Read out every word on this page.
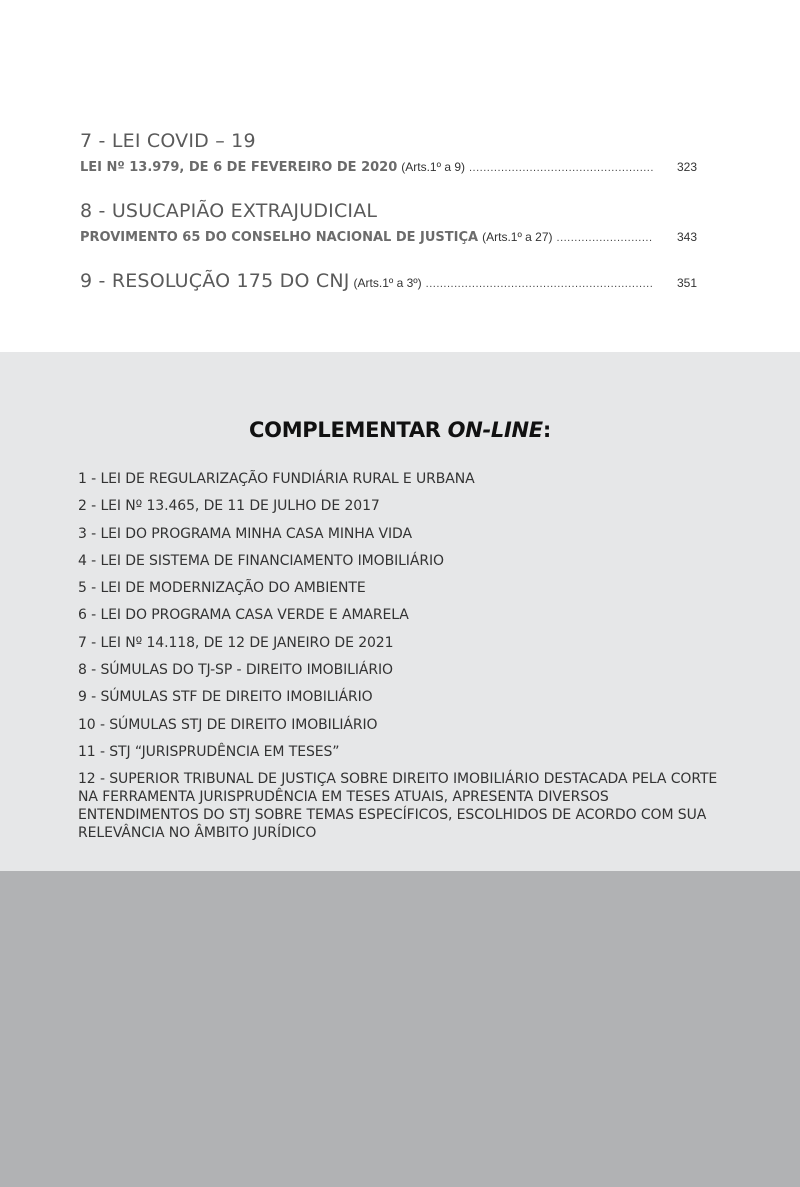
7 - LEI COVID – 19
LEI Nº 13.979, DE 6 DE FEVEREIRO DE 2020 (Arts.1º a 9) .....	323
8 - USUCAPIÃO EXTRAJUDICIAL
PROVIMENTO 65 DO CONSELHO NACIONAL DE JUSTIÇA (Arts.1º a 27) .....	343
9 - RESOLUÇÃO 175 DO CNJ (Arts.1º a 3º) .....	351
COMPLEMENTAR ON-LINE:
1 - LEI DE REGULARIZAÇÃO FUNDIÁRIA RURAL E URBANA
2 - LEI Nº 13.465, DE 11 DE JULHO DE 2017
3 - LEI DO PROGRAMA MINHA CASA MINHA VIDA
4 - LEI DE SISTEMA DE FINANCIAMENTO IMOBILIÁRIO
5 - LEI DE MODERNIZAÇÃO DO AMBIENTE
6 - LEI DO PROGRAMA CASA VERDE E AMARELA
7 - LEI Nº 14.118, DE 12 DE JANEIRO DE 2021
8 - SÚMULAS DO TJ-SP - DIREITO IMOBILIÁRIO
9 - SÚMULAS STF DE DIREITO IMOBILIÁRIO
10 - SÚMULAS STJ DE DIREITO IMOBILIÁRIO
11 - STJ “JURISPRUDÊNCIA EM TESES”
12 - SUPERIOR TRIBUNAL DE JUSTIÇA SOBRE DIREITO IMOBILIÁRIO DESTACADA PELA CORTE NA FERRAMENTA JURISPRUDÊNCIA EM TESES ATUAIS, APRESENTA DIVERSOS ENTENDIMENTOS DO STJ SOBRE TEMAS ESPECÍFICOS, ESCOLHIDOS DE ACORDO COM SUA RELEVÂNCIA NO ÂMBITO JURÍDICO
